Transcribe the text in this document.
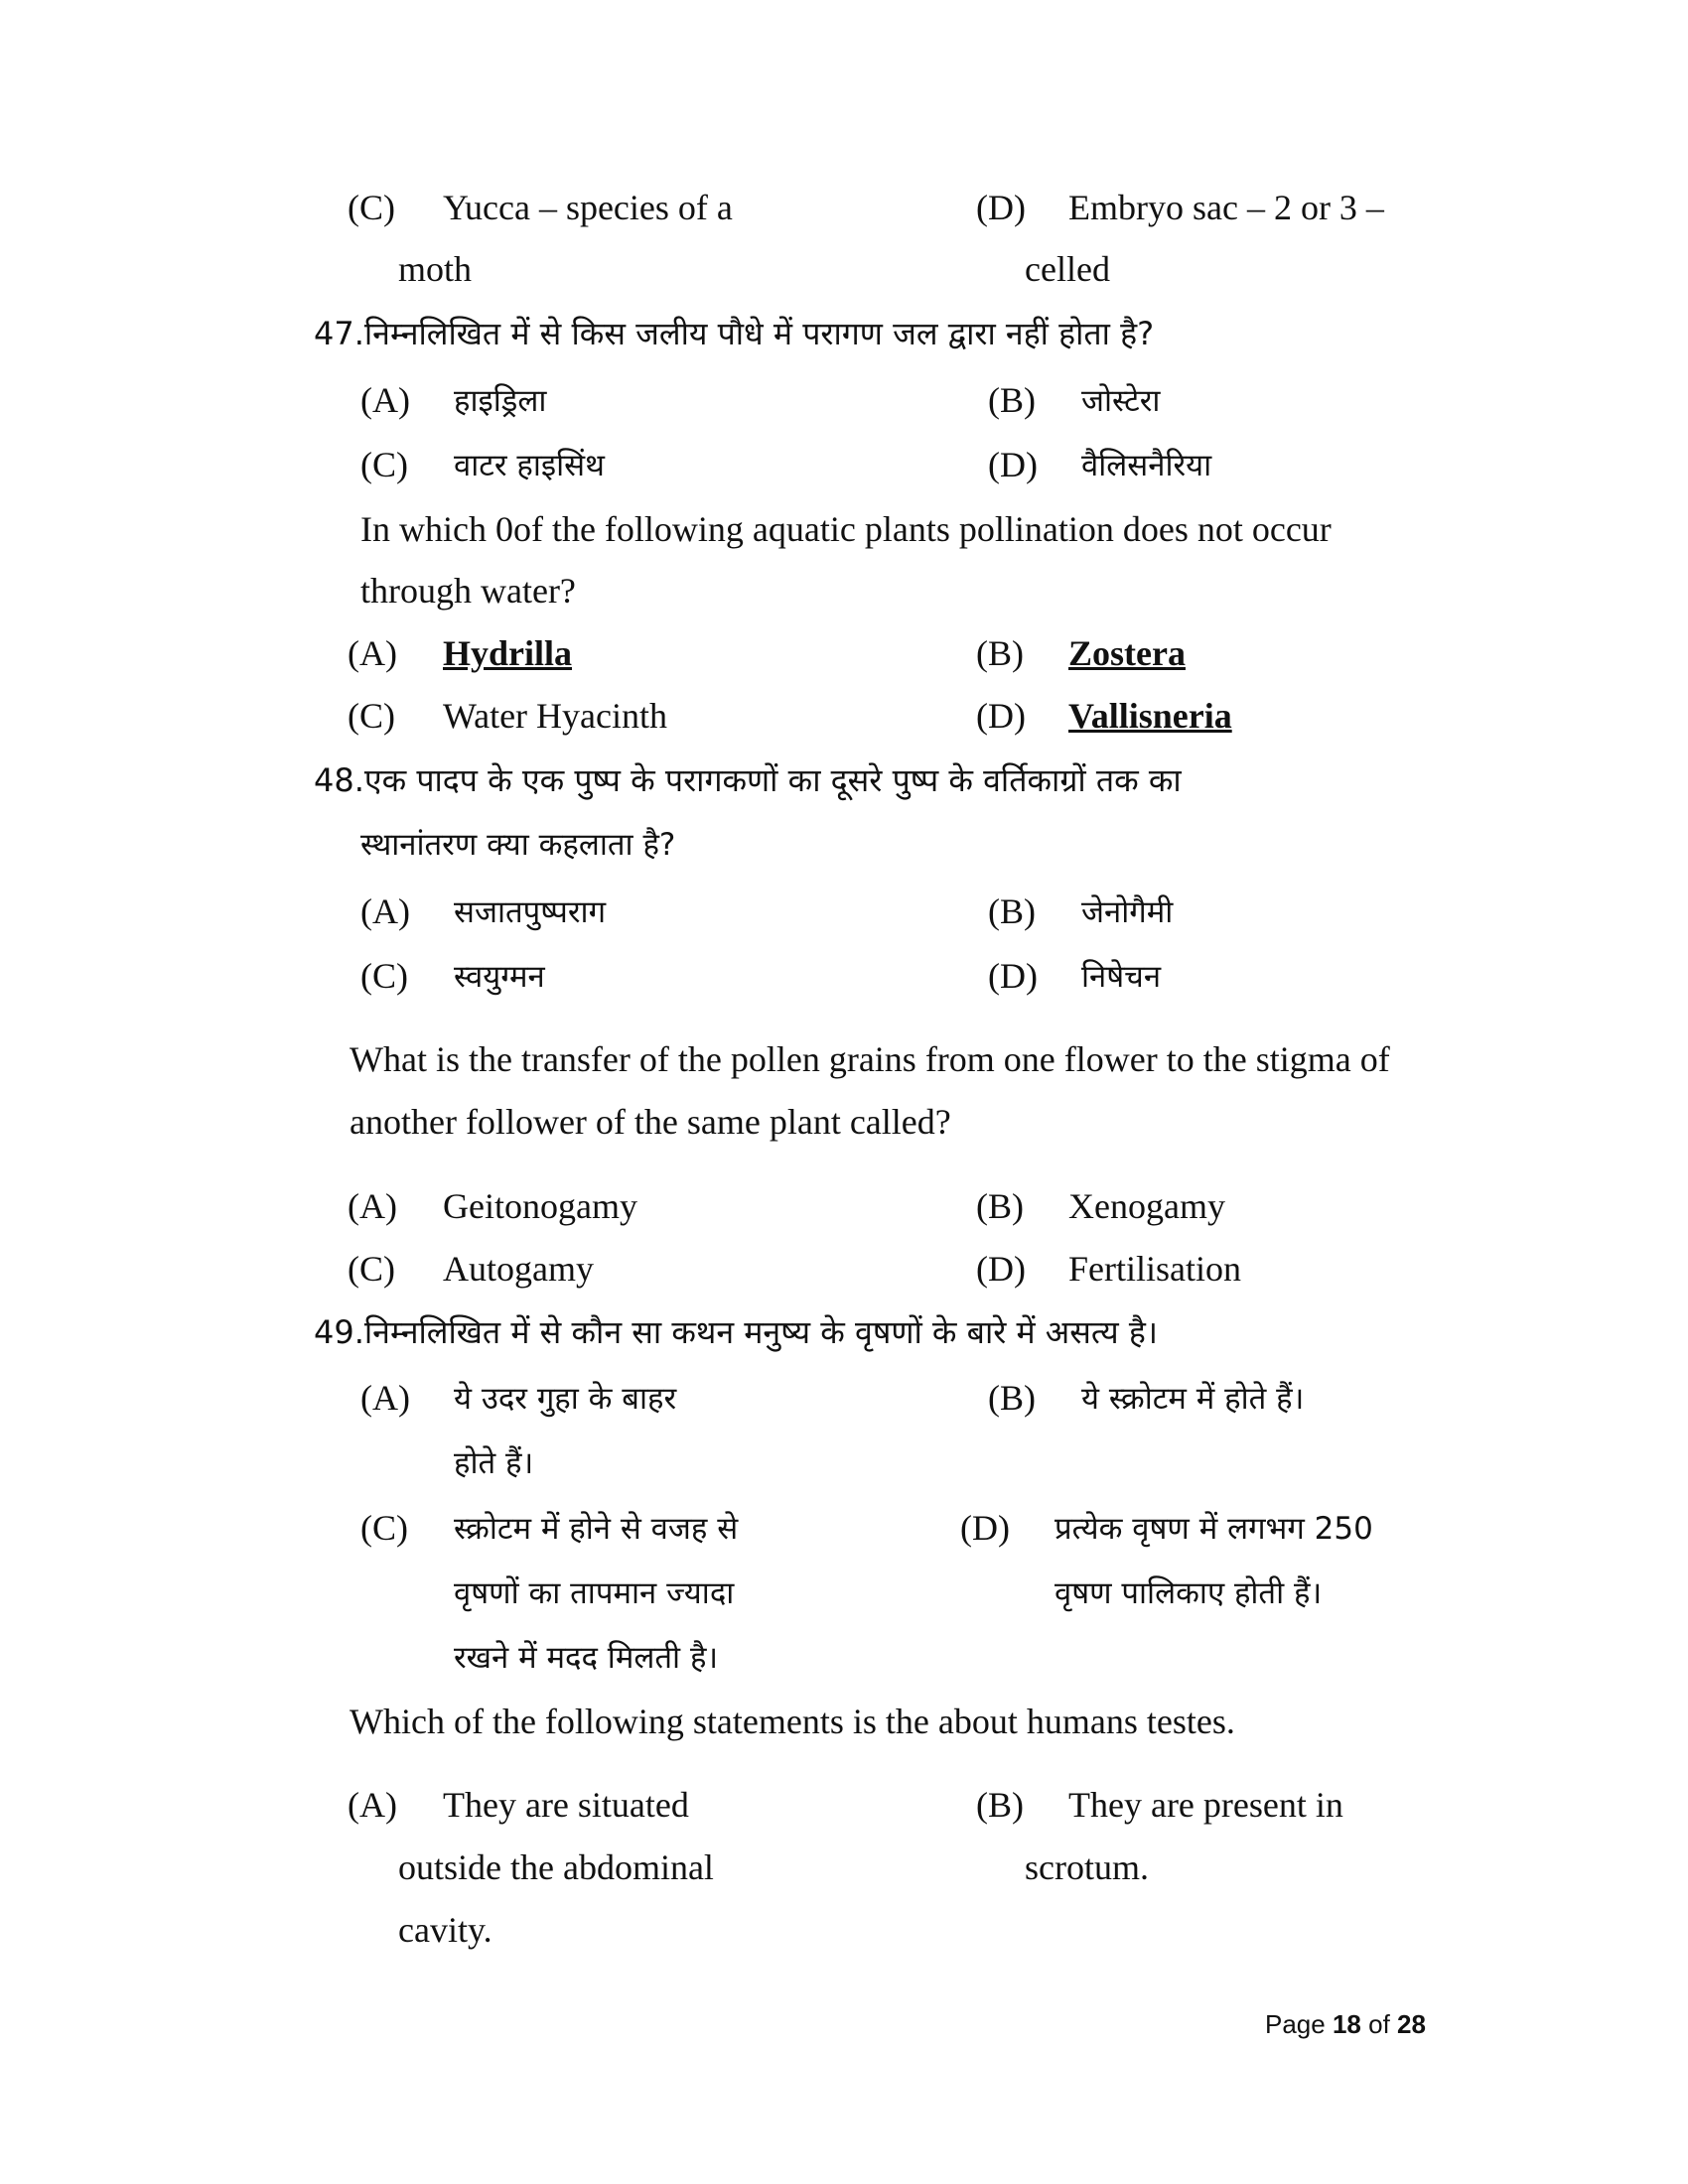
(C) Yucca – species of a
moth
(D) Embryo sac – 2 or 3 –
celled
47.निम्नलिखित में से किस जलीय पौधे में परागण जल द्वारा नहीं होता है?
(A) हाइड्रिला	(B) जोस्टेरा
(C) वाटर हाइसिंथ	(D) वैलिसनैरिया
In which 0of the following aquatic plants pollination does not occur
through water?
(A) Hydrilla	(B) Zostera
(C) Water Hyacinth	(D) Vallisneria
48.एक पादप के एक पुष्प के परागकणों का दूसरे पुष्प के वर्तिकाग्रों तक का
स्थानांतरण क्या कहलाता है?
(A) सजातपुष्पराग	(B) जेनोगैमी
(C) स्वयुग्मन	(D) निषेचन
What is the transfer of the pollen grains from one flower to the stigma of
another follower of the same plant called?
(A) Geitonogamy	(B) Xenogamy
(C) Autogamy	(D) Fertilisation
49.निम्नलिखित में से कौन सा कथन मनुष्य के वृषणों के बारे में असत्य है।
(A) ये उदर गुहा के बाहर
होते हैं।
(B) ये स्क्रोटम में होते हैं।
(C) स्क्रोटम में होने से वजह से
वृषणों का तापमान ज्यादा
रखने में मदद मिलती है।
(D) प्रत्येक वृषण में लगभग 250
वृषण पालिकाए होती हैं।
Which of the following statements is the about humans testes.
(A) They are situated
outside the abdominal
cavity.
(B) They are present in
scrotum.
Page 18 of 28
